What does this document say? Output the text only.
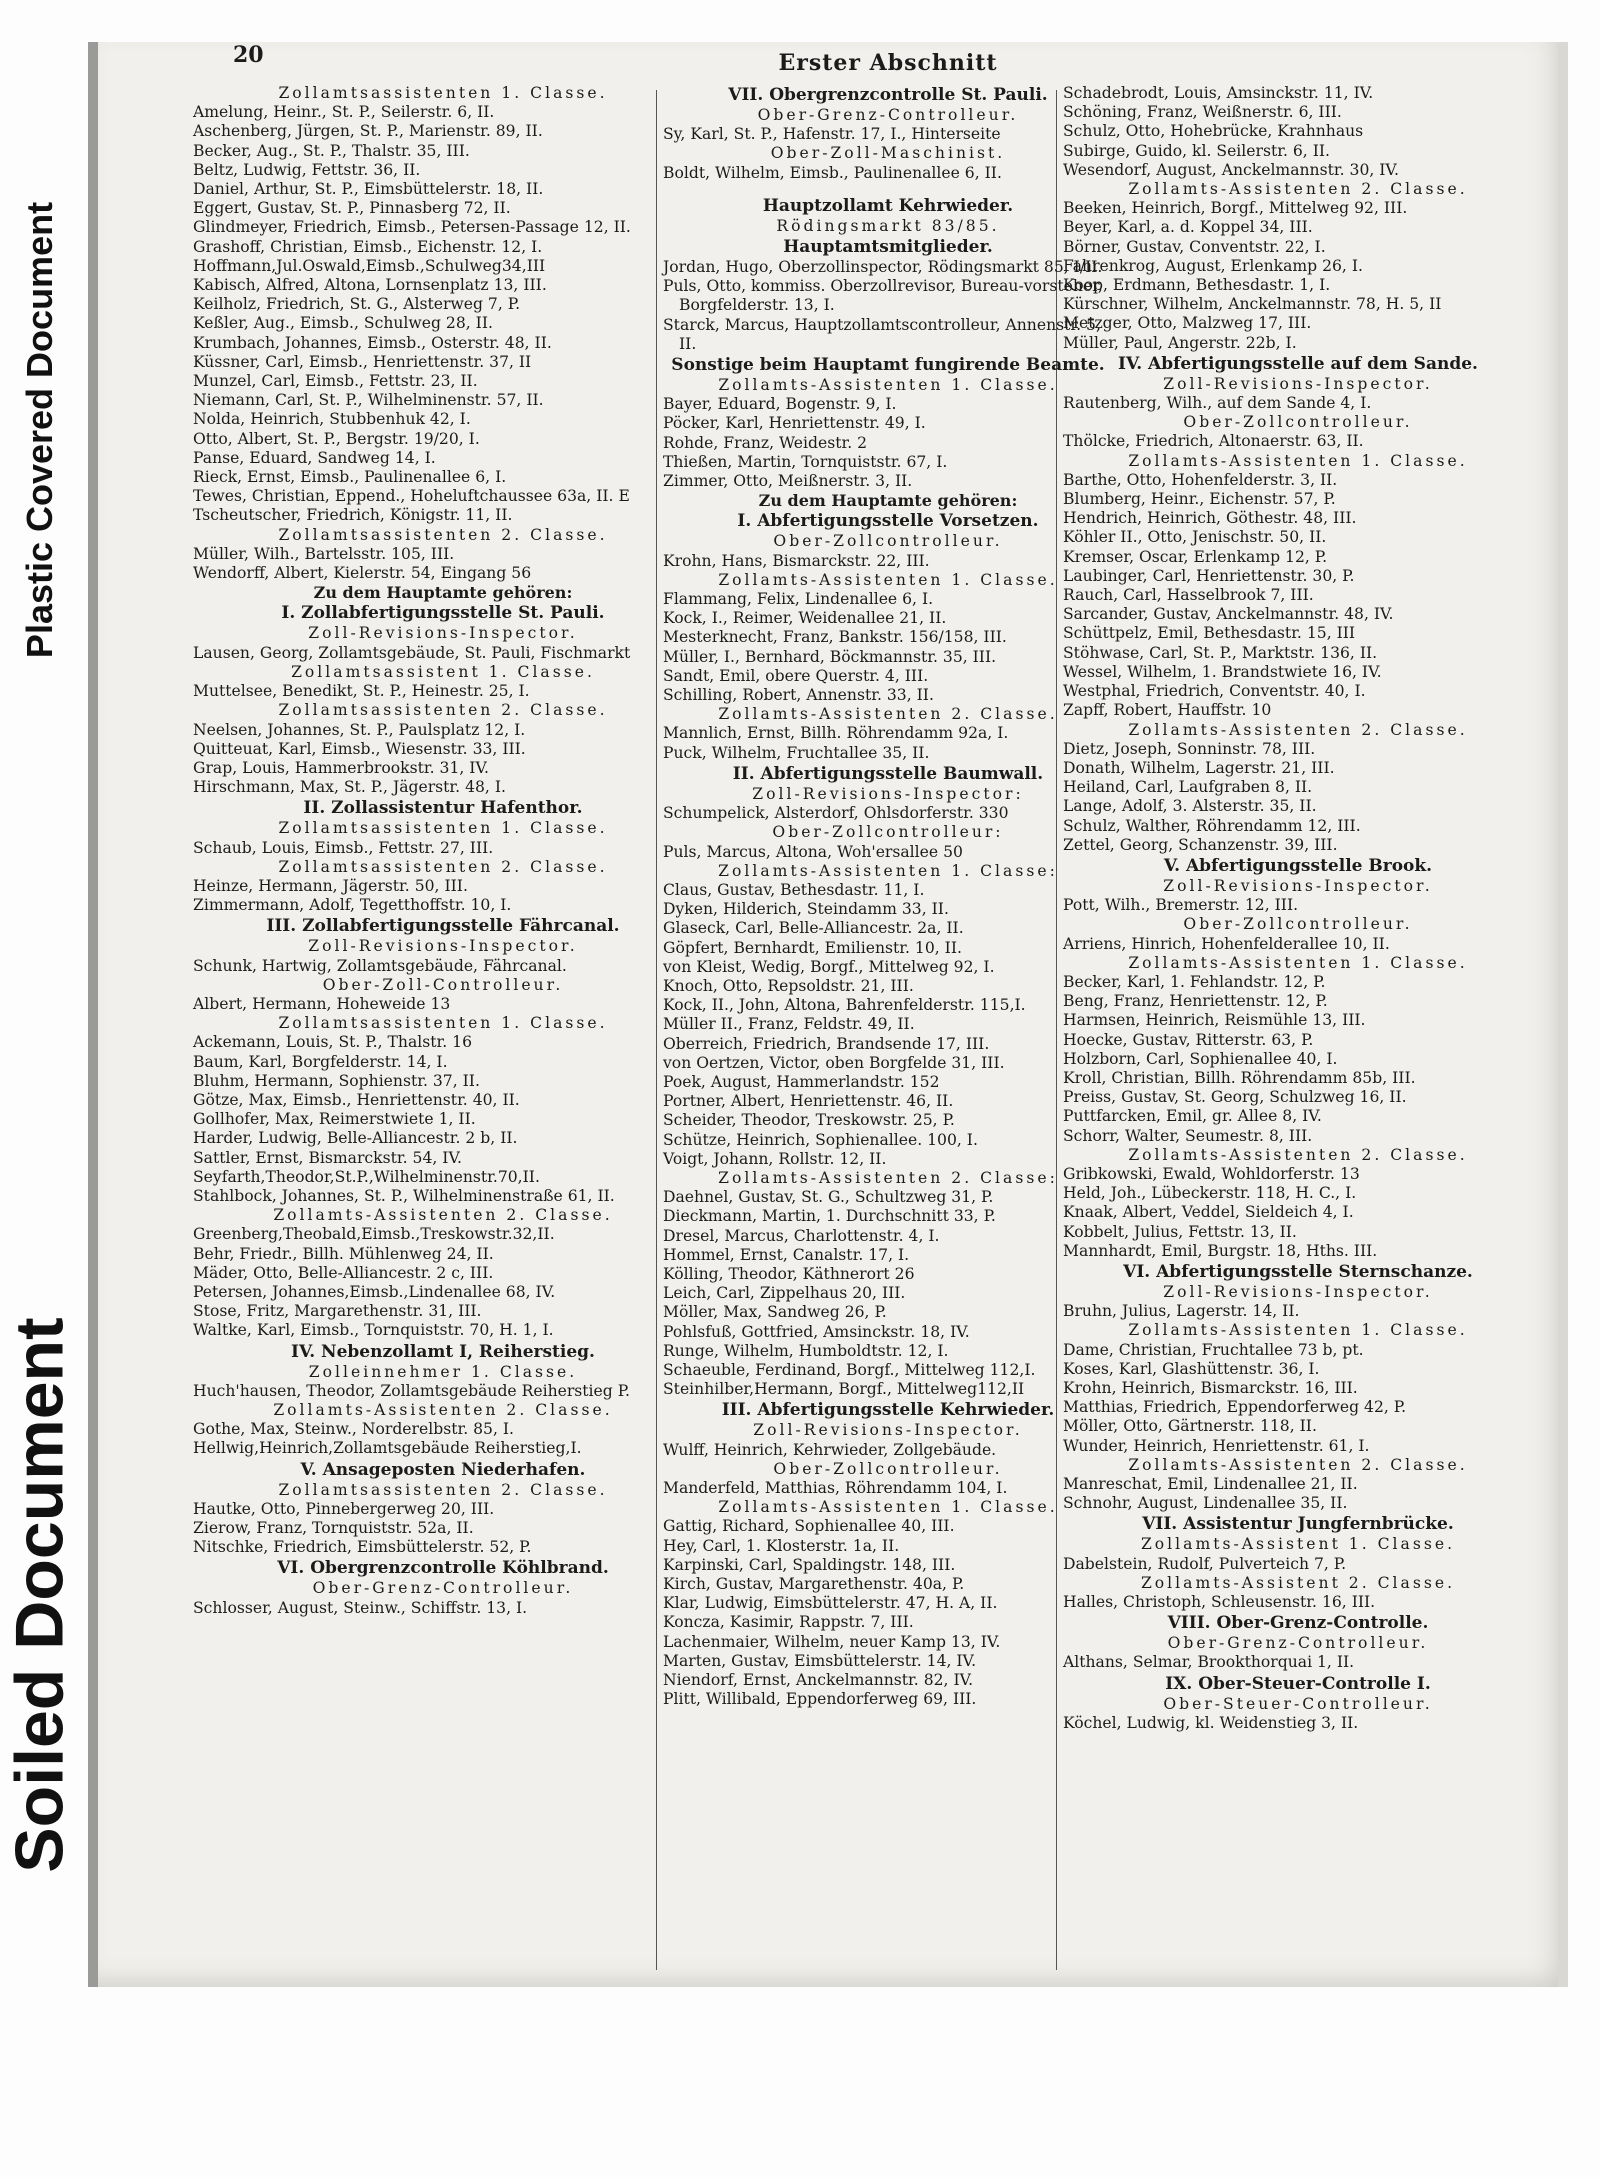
Plastic Covered Document
Soiled Document
20	Erster Abschnitt

Zollamtsassistenten 1. Classe.

Amelung, Heinr., St. P., Seilerstr. 6, II.

Aschenberg, Jürgen, St. P., Marienstr. 89, II.

Becker, Aug., St. P., Thalstr. 35, III.

Beltz, Ludwig, Fettstr. 36, II.

Daniel, Arthur, St. P., Eimsbüttelerstr. 18, II.

Eggert, Gustav, St. P., Pinnasberg 72, II.

Glindmeyer, Friedrich, Eimsb., Petersen-Passage 12, II.

Grashoff, Christian, Eimsb., Eichenstr. 12, I.

Hoffmann,Jul.Oswald,Eimsb.,Schulweg34,III

Kabisch, Alfred, Altona, Lornsenplatz 13, III.

Keilholz, Friedrich, St. G., Alsterweg 7, P.

Keßler, Aug., Eimsb., Schulweg 28, II.

Krumbach, Johannes, Eimsb., Osterstr. 48, II.

Küssner, Carl, Eimsb., Henriettenstr. 37, II

Munzel, Carl, Eimsb., Fettstr. 23, II.

Niemann, Carl, St. P., Wilhelminenstr. 57, II.

Nolda, Heinrich, Stubbenhuk 42, I.

Otto, Albert, St. P., Bergstr. 19/20, I.

Panse, Eduard, Sandweg 14, I.

Rieck, Ernst, Eimsb., Paulinenallee 6, I.

Tewes, Christian, Eppend., Hoheluftchaussee 63a, II. E

Tscheutscher, Friedrich, Königstr. 11, II.

Zollamtsassistenten 2. Classe.

Müller, Wilh., Bartelsstr. 105, III.

Wendorff, Albert, Kielerstr. 54, Eingang 56

Zu dem Hauptamte gehören:

I. Zollabfertigungsstelle St. Pauli.

Zoll-Revisions-Inspector.

Lausen, Georg, Zollamtsgebäude, St. Pauli, Fischmarkt

Zollamtsassistent 1. Classe.

Muttelsee, Benedikt, St. P., Heinestr. 25, I.

Zollamtsassistenten 2. Classe.

Neelsen, Johannes, St. P., Paulsplatz 12, I.

Quitteuat, Karl, Eimsb., Wiesenstr. 33, III.

Grap, Louis, Hammerbrookstr. 31, IV.

Hirschmann, Max, St. P., Jägerstr. 48, I.

II. Zollassistentur Hafenthor.

Zollamtsassistenten 1. Classe.

Schaub, Louis, Eimsb., Fettstr. 27, III.

Zollamtsassistenten 2. Classe.

Heinze, Hermann, Jägerstr. 50, III.

Zimmermann, Adolf, Tegetthoffstr. 10, I.

III. Zollabfertigungsstelle Fährcanal.

Zoll-Revisions-Inspector.

Schunk, Hartwig, Zollamtsgebäude, Fährcanal.

Ober-Zoll-Controlleur.

Albert, Hermann, Hoheweide 13

Zollamtsassistenten 1. Classe.

Ackemann, Louis, St. P., Thalstr. 16

Baum, Karl, Borgfelderstr. 14, I.

Bluhm, Hermann, Sophienstr. 37, II.

Götze, Max, Eimsb., Henriettenstr. 40, II.

Gollhofer, Max, Reimerstwiete 1, II.

Harder, Ludwig, Belle-Alliancestr. 2 b, II.

Sattler, Ernst, Bismarckstr. 54, IV.

Seyfarth,Theodor,St.P.,Wilhelminenstr.70,II.

Stahlbock, Johannes, St. P., Wilhelminenstraße 61, II.

Zollamts-Assistenten 2. Classe.

Greenberg,Theobald,Eimsb.,Treskowstr.32,II.

Behr, Friedr., Billh. Mühlenweg 24, II.

Mäder, Otto, Belle-Alliancestr. 2 c, III.

Petersen, Johannes,Eimsb.,Lindenallee 68, IV.

Stose, Fritz, Margarethenstr. 31, III.

Waltke, Karl, Eimsb., Tornquiststr. 70, H. 1, I.

IV. Nebenzollamt I, Reiherstieg.

Zolleinnehmer 1. Classe.

Huch'hausen, Theodor, Zollamtsgebäude Reiherstieg P.

Zollamts-Assistenten 2. Classe.

Gothe, Max, Steinw., Norderelbstr. 85, I.

Hellwig,Heinrich,Zollamtsgebäude Reiherstieg,I.

V. Ansageposten Niederhafen.

Zollamtsassistenten 2. Classe.

Hautke, Otto, Pinnebergerweg 20, III.

Zierow, Franz, Tornquiststr. 52a, II.

Nitschke, Friedrich, Eimsbüttelerstr. 52, P.

VI. Obergrenzcontrolle Köhlbrand.

Ober-Grenz-Controlleur.

Schlosser, August, Steinw., Schiffstr. 13, I.

VII. Obergrenzcontrolle St. Pauli.

Ober-Grenz-Controlleur.

Sy, Karl, St. P., Hafenstr. 17, I., Hinterseite

Ober-Zoll-Maschinist.

Boldt, Wilhelm, Eimsb., Paulinenallee 6, II.

Hauptzollamt Kehrwieder.

Rödingsmarkt 83/85.

Hauptamtsmitglieder.

Jordan, Hugo, Oberzollinspector, Rödingsmarkt 85, I/II.

Puls, Otto, kommiss. Oberzollrevisor, Bureau-vorsteher, Borgfelderstr. 13, I.

Starck, Marcus, Hauptzollamtscontrolleur, Annenstr. 5, II.

Sonstige beim Hauptamt fungirende Beamte.

Zollamts-Assistenten 1. Classe.

Bayer, Eduard, Bogenstr. 9, I.

Pöcker, Karl, Henriettenstr. 49, I.

Rohde, Franz, Weidestr. 2

Thießen, Martin, Tornquiststr. 67, I.

Zimmer, Otto, Meißnerstr. 3, II.

Zu dem Hauptamte gehören:

I. Abfertigungsstelle Vorsetzen.

Ober-Zollcontrolleur.

Krohn, Hans, Bismarckstr. 22, III.

Zollamts-Assistenten 1. Classe.

Flammang, Felix, Lindenallee 6, I.

Kock, I., Reimer, Weidenallee 21, II.

Mesterknecht, Franz, Bankstr. 156/158, III.

Müller, I., Bernhard, Böckmannstr. 35, III.

Sandt, Emil, obere Querstr. 4, III.

Schilling, Robert, Annenstr. 33, II.

Zollamts-Assistenten 2. Classe.

Mannlich, Ernst, Billh. Röhrendamm 92a, I.

Puck, Wilhelm, Fruchtallee 35, II.

II. Abfertigungsstelle Baumwall.

Zoll-Revisions-Inspector:

Schumpelick, Alsterdorf, Ohlsdorferstr. 330

Ober-Zollcontrolleur:

Puls, Marcus, Altona, Woh'ersallee 50

Zollamts-Assistenten 1. Classe:

Claus, Gustav, Bethesdastr. 11, I.

Dyken, Hilderich, Steindamm 33, II.

Glaseck, Carl, Belle-Alliancestr. 2a, II.

Göpfert, Bernhardt, Emilienstr. 10, II.

von Kleist, Wedig, Borgf., Mittelweg 92, I.

Knoch, Otto, Repsoldstr. 21, III.

Kock, II., John, Altona, Bahrenfelderstr. 115,I.

Müller II., Franz, Feldstr. 49, II.

Oberreich, Friedrich, Brandsende 17, III.

von Oertzen, Victor, oben Borgfelde 31, III.

Poek, August, Hammerlandstr. 152

Portner, Albert, Henriettenstr. 46, II.

Scheider, Theodor, Treskowstr. 25, P.

Schütze, Heinrich, Sophienallee. 100, I.

Voigt, Johann, Rollstr. 12, II.

Zollamts-Assistenten 2. Classe:

Daehnel, Gustav, St. G., Schultzweg 31, P.

Dieckmann, Martin, 1. Durchschnitt 33, P.

Dresel, Marcus, Charlottenstr. 4, I.

Hommel, Ernst, Canalstr. 17, I.

Kölling, Theodor, Käthnerort 26

Leich, Carl, Zippelhaus 20, III.

Möller, Max, Sandweg 26, P.

Pohlsfuß, Gottfried, Amsinckstr. 18, IV.

Runge, Wilhelm, Humboldtstr. 12, I.

Schaeuble, Ferdinand, Borgf., Mittelweg 112,I.

Steinhilber,Hermann, Borgf., Mittelweg112,II

III. Abfertigungsstelle Kehrwieder.

Zoll-Revisions-Inspector.

Wulff, Heinrich, Kehrwieder, Zollgebäude.

Ober-Zollcontrolleur.

Manderfeld, Matthias, Röhrendamm 104, I.

Zollamts-Assistenten 1. Classe.

Gattig, Richard, Sophienallee 40, III.

Hey, Carl, 1. Klosterstr. 1a, II.

Karpinski, Carl, Spaldingstr. 148, III.

Kirch, Gustav, Margarethenstr. 40a, P.

Klar, Ludwig, Eimsbüttelerstr. 47, H. A, II.

Konczа, Kasimir, Rappstr. 7, III.

Lachenmaier, Wilhelm, neuer Kamp 13, IV.

Marten, Gustav, Eimsbüttelerstr. 14, IV.

Niendorf, Ernst, Anckelmannstr. 82, IV.

Plitt, Willibald, Eppendorferweg 69, III.

Schadebrodt, Louis, Amsinckstr. 11, IV.

Schöning, Franz, Weißnerstr. 6, III.

Schulz, Otto, Hohebrücke, Krahnhaus

Subirge, Guido, kl. Seilerstr. 6, II.

Wesendorf, August, Anckelmannstr. 30, IV.

Zollamts-Assistenten 2. Classe.

Beeken, Heinrich, Borgf., Mittelweg 92, III.

Beyer, Karl, a. d. Koppel 34, III.

Börner, Gustav, Conventstr. 22, I.

Fahrenkrog, August, Erlenkamp 26, I.

Koop, Erdmann, Bethesdastr. 1, I.

Kürschner, Wilhelm, Anckelmannstr. 78, H. 5, II

Metzger, Otto, Malzweg 17, III.

Müller, Paul, Angerstr. 22b, I.

IV. Abfertigungsstelle auf dem Sande.

Zoll-Revisions-Inspector.

Rautenberg, Wilh., auf dem Sande 4, I.

Ober-Zollcontrolleur.

Thölcke, Friedrich, Altonaerstr. 63, II.

Zollamts-Assistenten 1. Classe.

Barthe, Otto, Hohenfelderstr. 3, II.

Blumberg, Heinr., Eichenstr. 57, P.

Hendrich, Heinrich, Göthestr. 48, III.

Köhler II., Otto, Jenischstr. 50, II.

Kremser, Oscar, Erlenkamp 12, P.

Laubinger, Carl, Henriettenstr. 30, P.

Rauch, Carl, Hasselbrook 7, III.

Sarcander, Gustav, Anckelmannstr. 48, IV.

Schüttpelz, Emil, Bethesdastr. 15, III

Stöhwase, Carl, St. P., Marktstr. 136, II.

Wessel, Wilhelm, 1. Brandstwiete 16, IV.

Westphal, Friedrich, Conventstr. 40, I.

Zapff, Robert, Hauffstr. 10

Zollamts-Assistenten 2. Classe.

Dietz, Joseph, Sonninstr. 78, III.

Donath, Wilhelm, Lagerstr. 21, III.

Heiland, Carl, Laufgraben 8, II.

Lange, Adolf, 3. Alsterstr. 35, II.

Schulz, Walther, Röhrendamm 12, III.

Zettel, Georg, Schanzenstr. 39, III.

V. Abfertigungsstelle Brook.

Zoll-Revisions-Inspector.

Pott, Wilh., Bremerstr. 12, III.

Ober-Zollcontrolleur.

Arriens, Hinrich, Hohenfelderallee 10, II.

Zollamts-Assistenten 1. Classe.

Becker, Karl, 1. Fehlandstr. 12, P.

Beng, Franz, Henriettenstr. 12, P.

Harmsen, Heinrich, Reismühle 13, III.

Hoecke, Gustav, Ritterstr. 63, P.

Holzborn, Carl, Sophienallee 40, I.

Kroll, Christian, Billh. Röhrendamm 85b, III.

Preiss, Gustav, St. Georg, Schulzweg 16, II.

Puttfarcken, Emil, gr. Allee 8, IV.

Schorr, Walter, Seumestr. 8, III.

Zollamts-Assistenten 2. Classe.

Gribkowski, Ewald, Wohldorferstr. 13

Held, Joh., Lübeckerstr. 118, H. C., I.

Knaak, Albert, Veddel, Sieldeich 4, I.

Kobbelt, Julius, Fettstr. 13, II.

Mannhardt, Emil, Burgstr. 18, Hths. III.

VI. Abfertigungsstelle Sternschanze.

Zoll-Revisions-Inspector.

Bruhn, Julius, Lagerstr. 14, II.

Zollamts-Assistenten 1. Classe.

Dame, Christian, Fruchtallee 73 b, pt.

Koses, Karl, Glashüttenstr. 36, I.

Krohn, Heinrich, Bismarckstr. 16, III.

Matthias, Friedrich, Eppendorferweg 42, P.

Möller, Otto, Gärtnerstr. 118, II.

Wunder, Heinrich, Henriettenstr. 61, I.

Zollamts-Assistenten 2. Classe.

Manreschat, Emil, Lindenallee 21, II.

Schnohr, August, Lindenallee 35, II.

VII. Assistentur Jungfernbrücke.

Zollamts-Assistent 1. Classe.

Dabelstein, Rudolf, Pulverteich 7, P.

Zollamts-Assistent 2. Classe.

Halles, Christoph, Schleusenstr. 16, III.

VIII. Ober-Grenz-Controlle.

Ober-Grenz-Controlleur.

Althans, Selmar, Brookthorquai 1, II.

IX. Ober-Steuer-Controlle I.

Ober-Steuer-Controlleur.

Köchel, Ludwig, kl. Weidenstieg 3, II.
